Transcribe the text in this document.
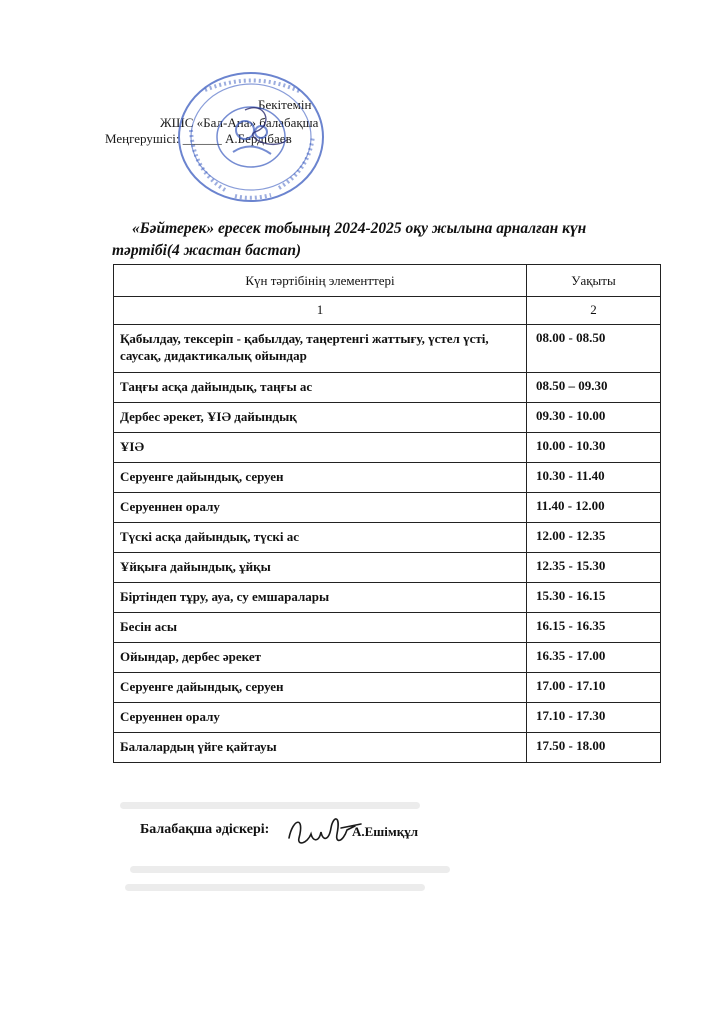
Бекітемін
ЖШС «Бал-Ана» балабақша
Меңгерушісі: ______ А.Бердібаев
«Бәйтерек» ересек тобының 2024-2025 оқу жылына арналған күн
тәртібі(4 жастан бастап)
Күн тәртібінің элементтері	Уақыты
1	2
Қабылдау, тексеріп - қабылдау, таңертенгі жаттығу, үстел үсті, саусақ, дидактикалық ойындар	08.00 - 08.50
Таңғы асқа дайындық, таңғы ас	08.50 – 09.30
Дербес әрекет, ҰІӘ дайындық	09.30 - 10.00
ҰІӘ	10.00 - 10.30
Серуенге дайындық, серуен	10.30 - 11.40
Серуеннен оралу	11.40 - 12.00
Түскі асқа дайындық, түскі ас	12.00 - 12.35
Ұйқыға дайындық, ұйқы	12.35 - 15.30
Біртіндеп тұру, ауа, су емшаралары	15.30 - 16.15
Бесін асы	16.15 - 16.35
Ойындар, дербес әрекет	16.35 - 17.00
Серуенге дайындық, серуен	17.00 - 17.10
Серуеннен оралу	17.10 - 17.30
Балалардың үйге қайтауы	17.50 - 18.00
Балабақша әдіскері:	А.Ешімқұл
